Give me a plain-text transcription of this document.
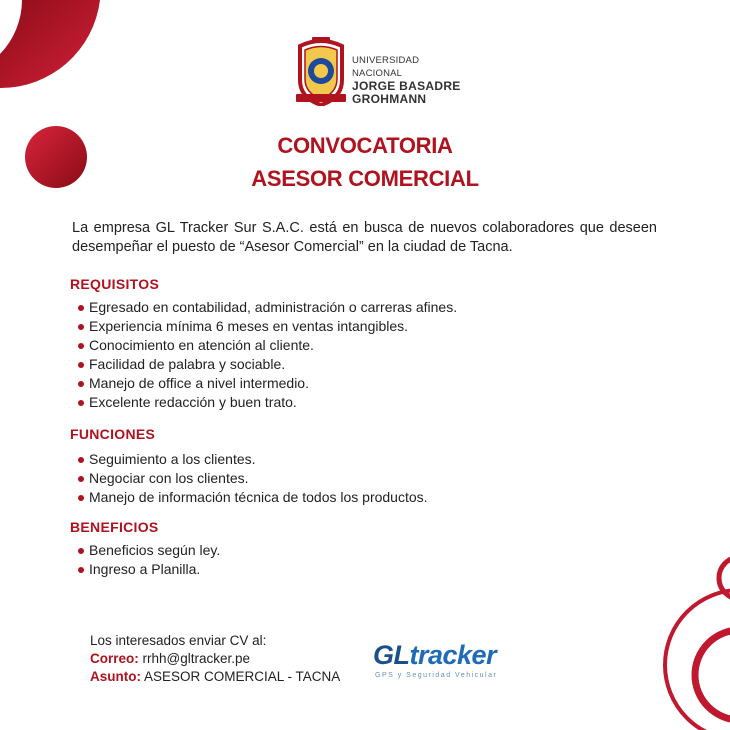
UNIVERSIDAD NACIONAL
JORGE BASADRE
GROHMANN
CONVOCATORIA
ASESOR COMERCIAL
La empresa GL Tracker Sur S.A.C. está en busca de nuevos colaboradores que deseen desempeñar el puesto de “Asesor Comercial” en la ciudad de Tacna.
REQUISITOS
Egresado en contabilidad, administración o carreras afines.
Experiencia mínima 6 meses en ventas intangibles.
Conocimiento en atención al cliente.
Facilidad de palabra y sociable.
Manejo de office a nivel intermedio.
Excelente redacción y buen trato.
FUNCIONES
Seguimiento a los clientes.
Negociar con los clientes.
Manejo de información técnica de todos los productos.
BENEFICIOS
Beneficios según ley.
Ingreso a Planilla.
Los interesados enviar CV al:
Correo: rrhh@gltracker.pe
Asunto: ASESOR COMERCIAL - TACNA
GLtracker
GPS y Seguridad Vehicular
